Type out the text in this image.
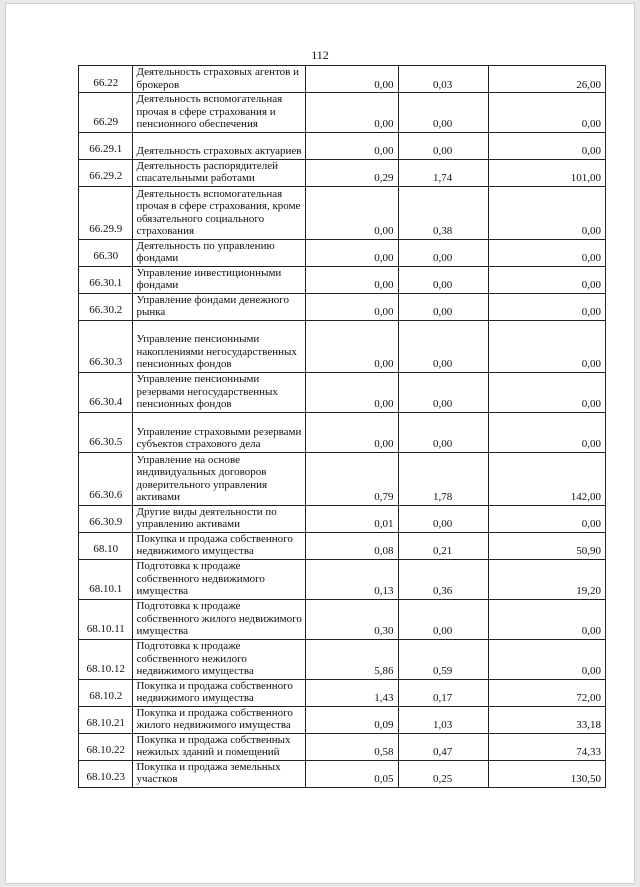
112
66.22	Деятельность страховых агентов и брокеров	0,00	0,03	26,00
66.29	Деятельность вспомогательная прочая в сфере страхования и пенсионного обеспечения	0,00	0,00	0,00
66.29.1	Деятельность страховых актуариев	0,00	0,00	0,00
66.29.2	Деятельность распорядителей спасательными работами	0,29	1,74	101,00
66.29.9	Деятельность вспомогательная прочая в сфере страхования, кроме обязательного социального страхования	0,00	0,38	0,00
66.30	Деятельность по управлению фондами	0,00	0,00	0,00
66.30.1	Управление инвестиционными фондами	0,00	0,00	0,00
66.30.2	Управление фондами денежного рынка	0,00	0,00	0,00
66.30.3	Управление пенсионными накоплениями негосударственных пенсионных фондов	0,00	0,00	0,00
66.30.4	Управление пенсионными резервами негосударственных пенсионных фондов	0,00	0,00	0,00
66.30.5	Управление страховыми резервами субъектов страхового дела	0,00	0,00	0,00
66.30.6	Управление на основе индивидуальных договоров доверительного управления активами	0,79	1,78	142,00
66.30.9	Другие виды деятельности по управлению активами	0,01	0,00	0,00
68.10	Покупка и продажа собственного недвижимого имущества	0,08	0,21	50,90
68.10.1	Подготовка к продаже собственного недвижимого имущества	0,13	0,36	19,20
68.10.11	Подготовка к продаже собственного жилого недвижимого имущества	0,30	0,00	0,00
68.10.12	Подготовка к продаже собственного нежилого недвижимого имущества	5,86	0,59	0,00
68.10.2	Покупка и продажа собственного недвижимого имущества	1,43	0,17	72,00
68.10.21	Покупка и продажа собственного жилого недвижимого имущества	0,09	1,03	33,18
68.10.22	Покупка и продажа собственных нежилых зданий и помещений	0,58	0,47	74,33
68.10.23	Покупка и продажа земельных участков	0,05	0,25	130,50
